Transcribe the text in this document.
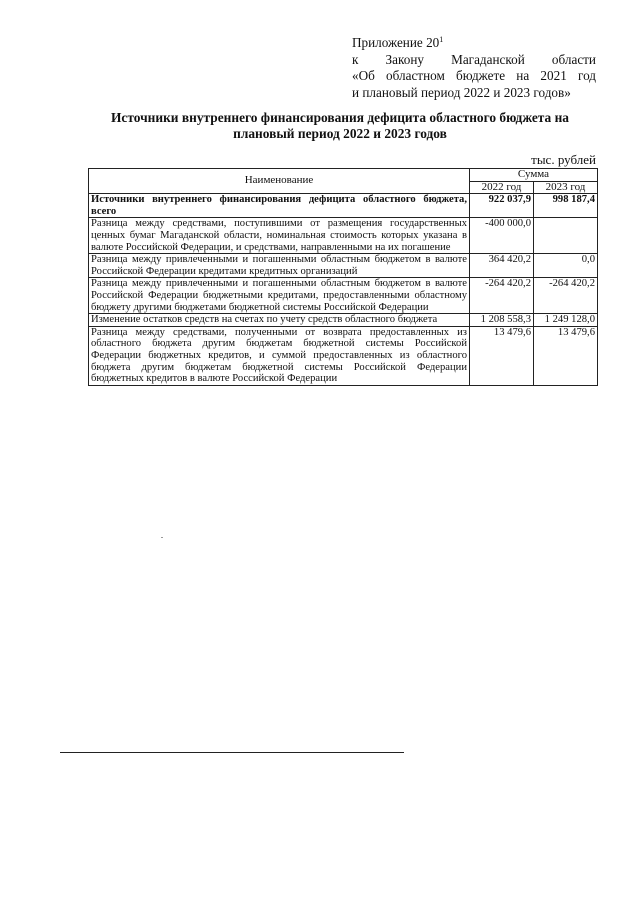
Приложение $20^1$
к Закону Магаданской области
«Об областном бюджете на 2021 год
и плановый период 2022 и 2023 годов»
Источники внутреннего финансирования дефицита областного бюджета на плановый период 2022 и 2023 годов
тыс. рублей
Наименование	Сумма	
	2022 год	2023 год
Источники внутреннего финансирования дефицита областного бюджета, всего	922 037,9	998 187,4
Разница между средствами, поступившими от размещения государственных ценных бумаг Магаданской области, номинальная стоимость которых указана в валюте Российской Федерации, и средствами, направленными на их погашение	-400 000,0	
Разница между привлеченными и погашенными областным бюджетом в валюте Российской Федерации кредитами кредитных организаций	364 420,2	0,0
Разница между привлеченными и погашенными областным бюджетом в валюте Российской Федерации бюджетными кредитами, предоставленными областному бюджету другими бюджетами бюджетной системы Российской Федерации	-264 420,2	-264 420,2
Изменение остатков средств на счетах по учету средств областного бюджета	1 208 558,3	1 249 128,0
Разница между средствами, полученными от возврата предоставленных из областного бюджета другим бюджетам бюджетной системы Российской Федерации бюджетных кредитов, и суммой предоставленных из областного бюджета другим бюджетам бюджетной системы Российской Федерации бюджетных кредитов в валюте Российской Федерации	13 479,6	13 479,6
